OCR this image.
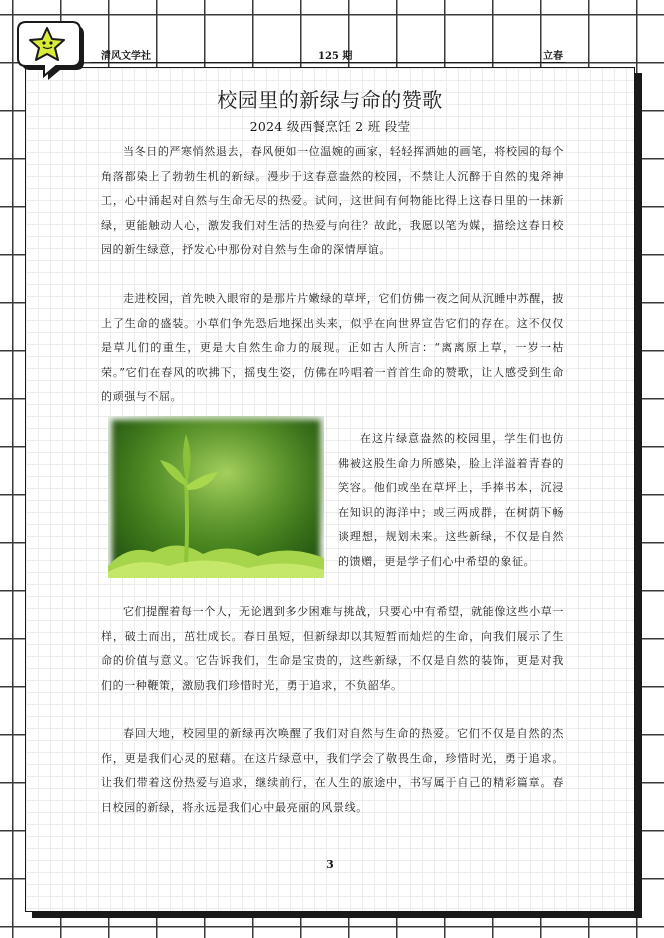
清风文学社	125 期	立春
校园里的新绿与命的赞歌
2024 级西餐烹饪 2 班 段莹

当冬日的严寒悄然退去，春风便如一位温婉的画家，轻轻挥洒她的画笔，将校园的每个角落都染上了勃勃生机的新绿。漫步于这春意盎然的校园，不禁让人沉醉于自然的鬼斧神工，心中涌起对自然与生命无尽的热爱。试问，这世间有何物能比得上这春日里的一抹新绿，更能触动人心，激发我们对生活的热爱与向往？故此，我愿以笔为媒，描绘这春日校园的新生绿意，抒发心中那份对自然与生命的深情厚谊。

走进校园，首先映入眼帘的是那片片嫩绿的草坪，它们仿佛一夜之间从沉睡中苏醒，披上了生命的盛装。小草们争先恐后地探出头来，似乎在向世界宣告它们的存在。这不仅仅是草儿们的重生，更是大自然生命力的展现。正如古人所言：“离离原上草，一岁一枯荣。”它们在春风的吹拂下，摇曳生姿，仿佛在吟唱着一首首生命的赞歌，让人感受到生命的顽强与不屈。

在这片绿意盎然的校园里，学生们也仿佛被这股生命力所感染，脸上洋溢着青春的笑容。他们或坐在草坪上，手捧书本，沉浸在知识的海洋中；或三两成群，在树荫下畅谈理想，规划未来。这些新绿，不仅是自然的馈赠，更是学子们心中希望的象征。

它们提醒着每一个人，无论遇到多少困难与挑战，只要心中有希望，就能像这些小草一样，破土而出，茁壮成长。春日虽短，但新绿却以其短暂而灿烂的生命，向我们展示了生命的价值与意义。它告诉我们，生命是宝贵的，这些新绿，不仅是自然的装饰，更是对我们的一种鞭策，激励我们珍惜时光，勇于追求，不负韶华。

春回大地，校园里的新绿再次唤醒了我们对自然与生命的热爱。它们不仅是自然的杰作，更是我们心灵的慰藉。在这片绿意中，我们学会了敬畏生命，珍惜时光，勇于追求。让我们带着这份热爱与追求，继续前行，在人生的旅途中，书写属于自己的精彩篇章。春日校园的新绿，将永远是我们心中最亮丽的风景线。

3
